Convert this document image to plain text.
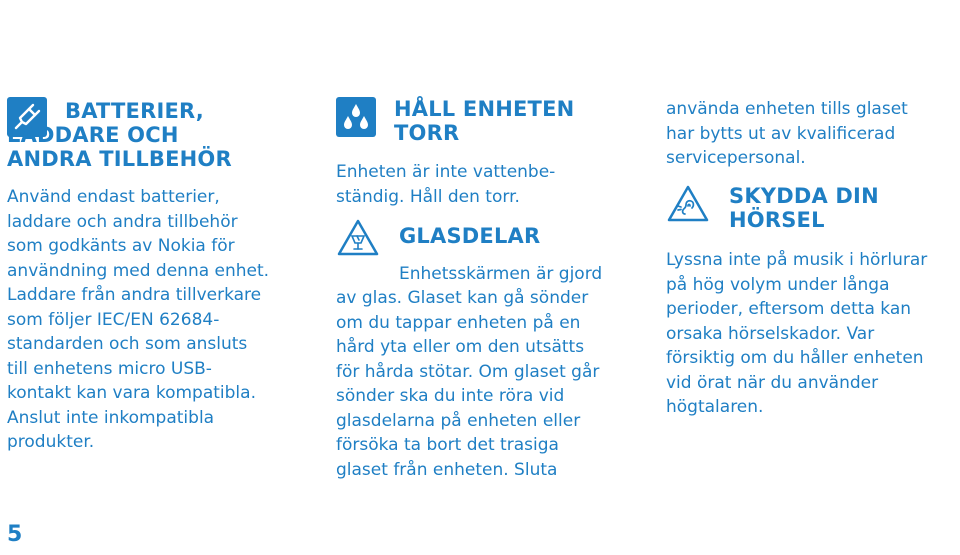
BATTERIER,
LADDARE OCH
ANDRA TILLBEHÖR
Använd endast batterier,
laddare och andra tillbehör
som godkänts av Nokia för
användning med denna enhet.
Laddare från andra tillverkare
som följer IEC/EN 62684-
standarden och som ansluts
till enhetens micro USB-
kontakt kan vara kompatibla.
Anslut inte inkompatibla
produkter.
HÅLL ENHETEN
TORR
Enheten är inte vattenbe-
ständig. Håll den torr.
GLASDELAR
Enhetsskärmen är gjord
av glas. Glaset kan gå sönder
om du tappar enheten på en
hård yta eller om den utsätts
för hårda stötar. Om glaset går
sönder ska du inte röra vid
glasdelarna på enheten eller
försöka ta bort det trasiga
glaset från enheten. Sluta
använda enheten tills glaset
har bytts ut av kvalificerad
servicepersonal.
SKYDDA DIN
HÖRSEL
Lyssna inte på musik i hörlurar
på hög volym under långa
perioder, eftersom detta kan
orsaka hörselskador. Var
försiktig om du håller enheten
vid örat när du använder
högtalaren.
5
